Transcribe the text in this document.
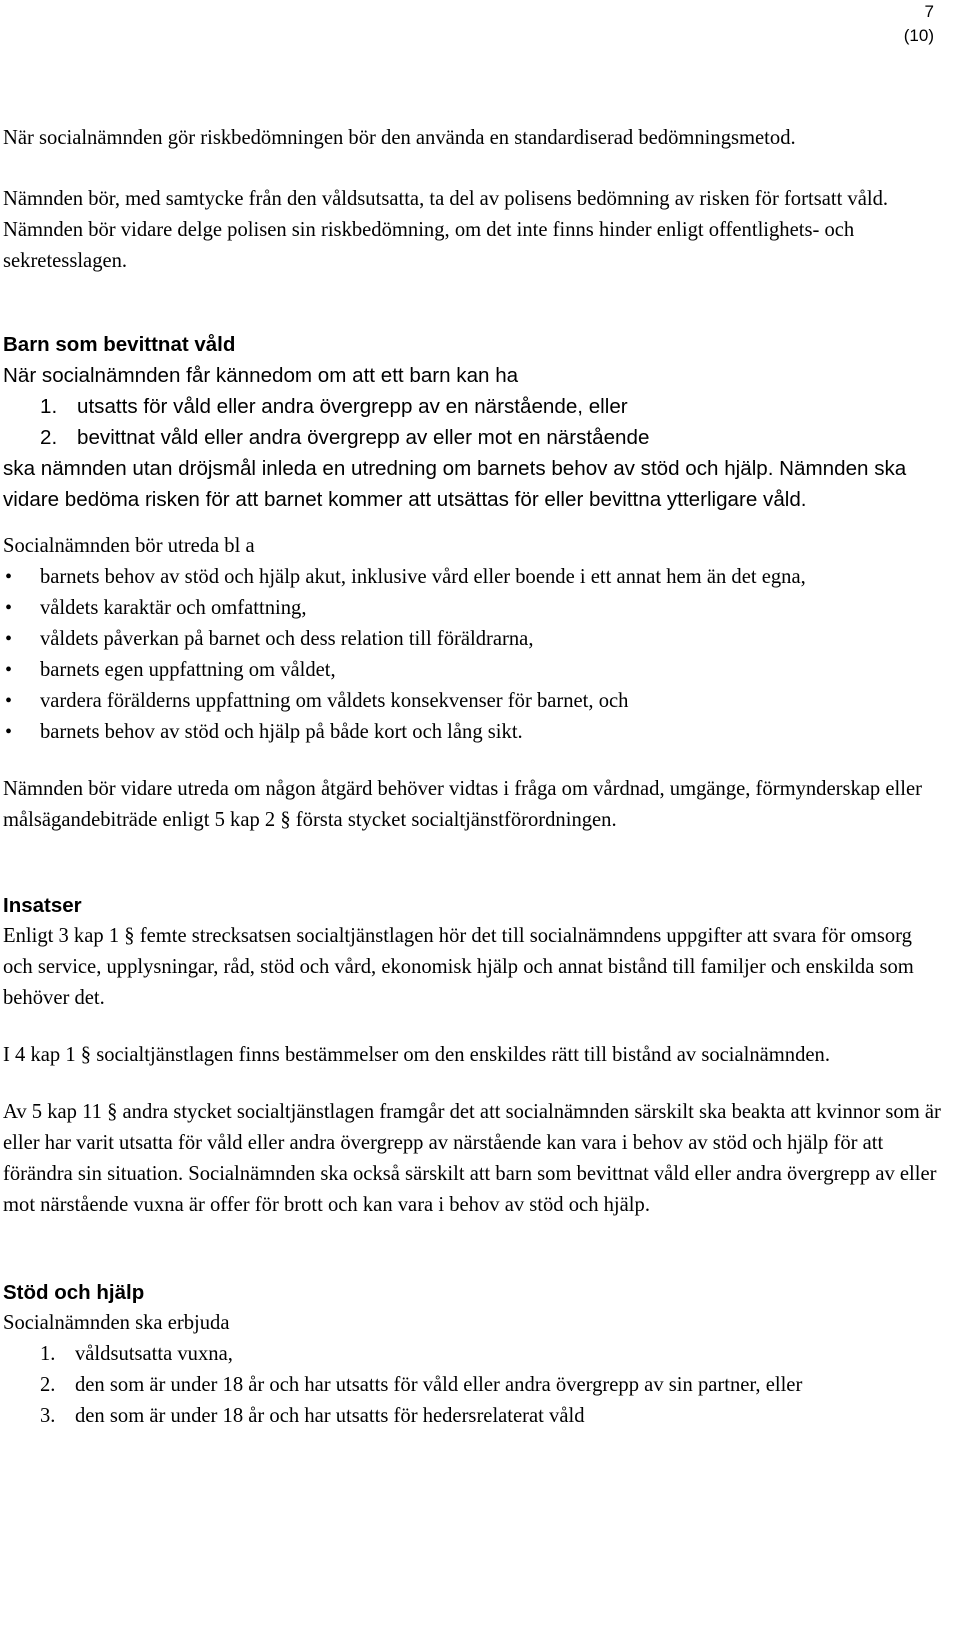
7
(10)

När socialnämnden gör riskbedömningen bör den använda en standardiserad bedömningsmetod.

Nämnden bör, med samtycke från den våldsutsatta, ta del av polisens bedömning av risken för fortsatt våld. Nämnden bör vidare delge polisen sin riskbedömning, om det inte finns hinder enligt offentlighets- och sekretesslagen.

Barn som bevittnat våld

När socialnämnden får kännedom om att ett barn kan ha

1. utsatts för våld eller andra övergrepp av en närstående, eller
2. bevittnat våld eller andra övergrepp av eller mot en närstående

ska nämnden utan dröjsmål inleda en utredning om barnets behov av stöd och hjälp. Nämnden ska vidare bedöma risken för att barnet kommer att utsättas för eller bevittna ytterligare våld.

Socialnämnden bör utreda bl a

• barnets behov av stöd och hjälp akut, inklusive vård eller boende i ett annat hem än det egna,
• våldets karaktär och omfattning,
• våldets påverkan på barnet och dess relation till föräldrarna,
• barnets egen uppfattning om våldet,
• vardera förälderns uppfattning om våldets konsekvenser för barnet, och
• barnets behov av stöd och hjälp på både kort och lång sikt.

Nämnden bör vidare utreda om någon åtgärd behöver vidtas i fråga om vårdnad, umgänge, förmynderskap eller målsägandebiträde enligt 5 kap 2 § första stycket socialtjänstförordningen.

Insatser

Enligt 3 kap 1 § femte strecksatsen socialtjänstlagen hör det till socialnämndens uppgifter att svara för omsorg och service, upplysningar, råd, stöd och vård, ekonomisk hjälp och annat bistånd till familjer och enskilda som behöver det.

I 4 kap 1 § socialtjänstlagen finns bestämmelser om den enskildes rätt till bistånd av socialnämnden.

Av 5 kap 11 § andra stycket socialtjänstlagen framgår det att socialnämnden särskilt ska beakta att kvinnor som är eller har varit utsatta för våld eller andra övergrepp av närstående kan vara i behov av stöd och hjälp för att förändra sin situation. Socialnämnden ska också särskilt att barn som bevittnat våld eller andra övergrepp av eller mot närstående vuxna är offer för brott och kan vara i behov av stöd och hjälp.

Stöd och hjälp

Socialnämnden ska erbjuda

1. våldsutsatta vuxna,
2. den som är under 18 år och har utsatts för våld eller andra övergrepp av sin partner, eller
3. den som är under 18 år och har utsatts för hedersrelaterat våld
